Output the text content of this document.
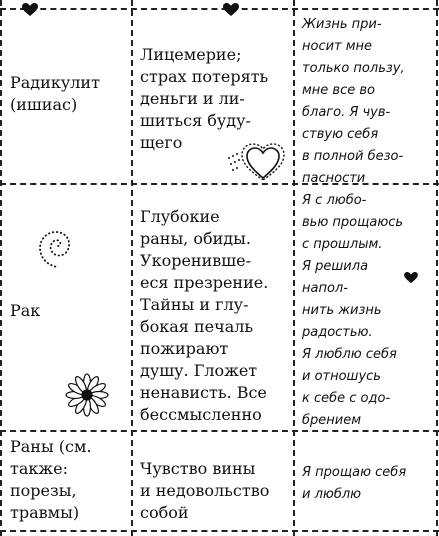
Радикулит
(ишиас)
Лицемерие;
страх потерять
деньги и ли-
шиться буду-
щего
Жизнь при-
носит мне
только пользу,
мне все во
благо. Я чув-
ствую себя
в полной безо-
пасности
Рак
Глубокие
раны, обиды.
Укоренивше-
еся презрение.
Тайны и глу-
бокая печаль
пожирают
душу. Гложет
ненависть. Все
бессмысленно
Я с любо-
вью прощаюсь
с прошлым.
Я решила
напол-
нить жизнь
радостью.
Я люблю себя
и отношусь
к себе с одо-
брением
Раны (см.
также:
порезы,
травмы)
Чувство вины
и недовольство
собой
Я прощаю себя
и люблю
